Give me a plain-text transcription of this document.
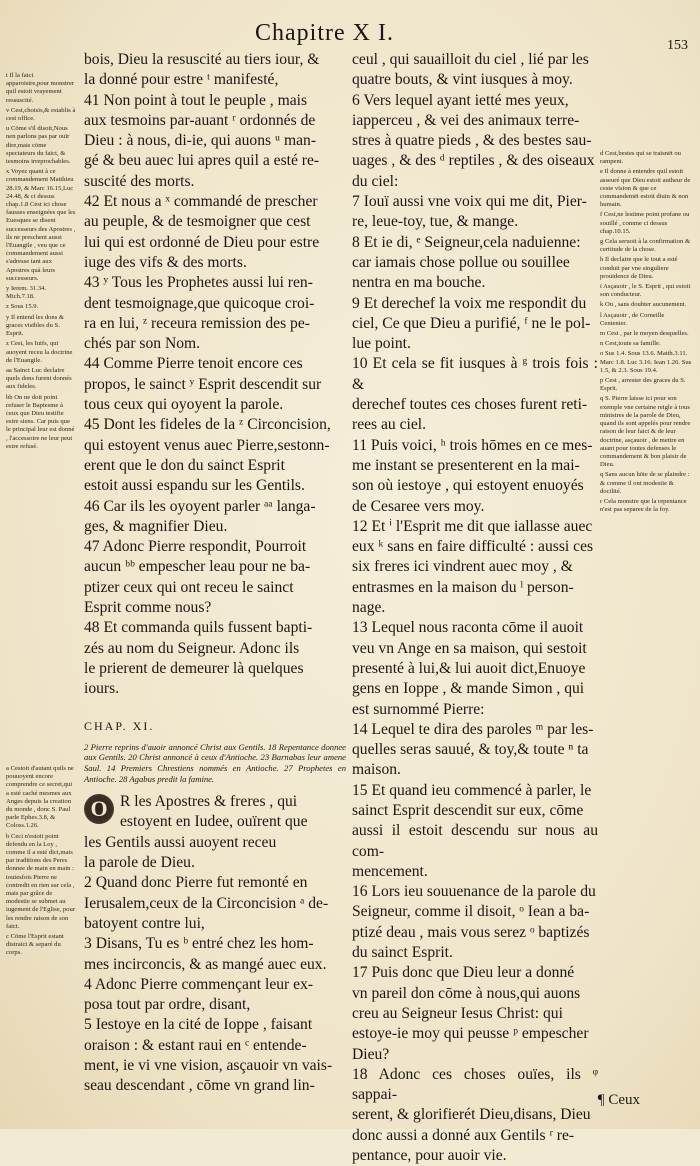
Chapitre X I.	153

t Il la faict apparoistre,pour monstrer quil estoit vrayement ressuscité.

v Cest,choisis,& establis à cest office.

u Cōme s'il disoit,Nous nen parlons pas par ouïr dire,mais cōme spectateurs du faict, & tesmoins irreprochables.

x Voyez quant à ce commandement Matthieu 28.19, & Marc 16.15,Luc 24.48, & ci dessus chap.1.8 Cest ici chose fausses enseignées que les Euesques se disent successeurs des Apostres , ils ne preschent aussi l'Euangile , veu que ce commandement aussi s'adresse tant aux Apostres quà leurs successeurs.

y Ierem. 31.34. Mich.7.18.

z Sous 15.9.

y Il entend les dons & graces visibles du S. Esprit.

z Cest, les Iuifs, qui auoyent receu la doctrine de l'Euangile.

aa Sainct Luc declaire quels dons furent donnés aux fideles.

bb On ne doit point refuser le Baptesme à ceux que Dieu testifie estre siens. Car puis que le principal leur est donné , l'accessoire ne leur peut estre refusé.

a Cestoit d'autant quils ne pouuoyent encore comprendre ce secret,qui a esté caché mesmes aux Anges depuis la creation du monde , donc S. Paul parle Ephes.3.8, & Coloss.1.26.

b Ceci n'estoit point defendu en la Loy , comme il a esté dict,mais par traditions des Peres donnee de main en main : toutesfois Pierre ne contredit en rien sur cela , mais par grâce de modestie se submet au iugement de l'Eglise, pour les rendre raison de son faict.

c Cōme l'Esprit estant distraict & separé du corps.

bois, Dieu la resuscité au tiers iour, &

la donné pour estre ᵗ manifesté,

41 Non point à tout le peuple , mais

aux tesmoins par-auant ʳ ordonnés de

Dieu : à nous, di-ie, qui auons ᵘ man-

gé & beu auec lui apres quil a esté re-

suscité des morts.

42 Et nous a ˣ commandé de prescher

au peuple, & de tesmoigner que cest

lui qui est ordonné de Dieu pour estre

iuge des vifs & des morts.

43 ʸ Tous les Prophetes aussi lui ren-

dent tesmoignage,que quicoque croi-

ra en lui, ᶻ receura remission des pe-

chés par son Nom.

44 Comme Pierre tenoit encore ces

propos, le sainct ʸ Esprit descendit sur

tous ceux qui oyoyent la parole.

45 Dont les fideles de la ᶻ Circoncision,

qui estoyent venus auec Pierre,sestonn-

erent que le don du sainct Esprit

estoit aussi espandu sur les Gentils.

46 Car ils les oyoyent parler ᵃᵃ langa-

ges, & magnifier Dieu.

47 Adonc Pierre respondit, Pourroit

aucun ᵇᵇ empescher leau pour ne ba-

ptizer ceux qui ont receu le sainct

Esprit comme nous?

48 Et commanda quils fussent bapti-

zés au nom du Seigneur. Adonc ils

le prierent de demeurer là quelques

iours.

CHAP. XI.

2 Pierre reprins d'auoir annoncé Christ aux Gentils. 18 Repentance donnee aux Gentils. 20 Christ annoncé à ceux d'Antioche. 23 Barnabas leur amene Saul. 14 Premiers Chrestiens nommés en Antioche. 27 Prophetes en Antioche. 28 Agabus predit la famine.

O R les Apostres & freres , qui

estoyent en Iudee, ouïrent que

les Gentils aussi auoyent receu

la parole de Dieu.

2 Quand donc Pierre fut remonté en

Ierusalem,ceux de la Circoncision ᵃ de-

batoyent contre lui,

3 Disans, Tu es ᵇ entré chez les hom-

mes incirconcis, & as mangé auec eux.

4 Adonc Pierre commençant leur ex-

posa tout par ordre, disant,

5 Iestoye en la cité de Ioppe , faisant

oraison : & estant raui en ᶜ entende-

ment, ie vi vne vision, asçauoir vn vais-

seau descendant , cōme vn grand lin-

ceul , qui sauailloit du ciel , lié par les

quatre bouts, & vint iusques à moy.

6 Vers lequel ayant ietté mes yeux,

iapperceu , & vei des animaux terre-

stres à quatre pieds , & des bestes sau-

uages , & des ᵈ reptiles , & des oiseaux

du ciel:

7 Iouï aussi vne voix qui me dit, Pier-

re, leue-toy, tue, & mange.

8 Et ie di, ᵉ Seigneur,cela naduienne:

car iamais chose pollue ou souillee

nentra en ma bouche.

9 Et derechef la voix me respondit du

ciel, Ce que Dieu a purifié, ᶠ ne le pol-

lue point.

10 Et cela se fit iusques à ᵍ trois fois : &

derechef toutes ces choses furent reti-

rees au ciel.

11 Puis voici, ʰ trois hōmes en ce mes-

me instant se presenterent en la mai-

son où iestoye , qui estoyent enuoyés

de Cesaree vers moy.

12 Et ⁱ l'Esprit me dit que iallasse auec

eux ᵏ sans en faire difficulté : aussi ces

six freres ici vindrent auec moy , &

entrasmes en la maison du ˡ person-

nage.

13 Lequel nous raconta cōme il auoit

veu vn Ange en sa maison, qui sestoit

presenté à lui,& lui auoit dict,Enuoye

gens en Ioppe , & mande Simon , qui

est surnommé Pierre:

14 Lequel te dira des paroles ᵐ par les-

quelles seras sauué, & toy,& toute ⁿ ta

maison.

15 Et quand ieu commencé à parler, le

sainct Esprit descendit sur eux, cōme

aussi il estoit descendu sur nous au com-

mencement.

16 Lors ieu souuenance de la parole du

Seigneur, comme il disoit, ᵒ Iean a ba-

ptizé deau , mais vous serez ᵒ baptizés

du sainct Esprit.

17 Puis donc que Dieu leur a donné

vn pareil don cōme à nous,qui auons

creu au Seigneur Iesus Christ: qui

estoye-ie moy qui peusse ᵖ empescher

Dieu?

18 Adonc ces choses ouïes, ils ᵠ sappai-

serent, & glorifierét Dieu,disans, Dieu

donc aussi a donné aux Gentils ʳ re-

pentance, pour auoir vie.

d Cest,bestes qui se traisnēt ou rampent.

e Il donne à entendre quil estoit asseuré que Dieu estoit autheur de ceste vision & que ce commandemēt estoit diuin & non humain.

f Cest,ne lestime point profane ou souillé , comme ci dessus chap.10.15.

g Cela seruoit à la confirmation & certitude de la chose.

h Il declaire que le tout a esté conduit par vne singuliere prouidence de Dieu.

i Asçauoir , le S. Esprit , qui estoit son conducteur.

k Ou , sans doubter aucunement.

l Asçauoir , de Corneille Centenier.

m Cest , par le moyen desquelles.

n Cest,toute sa famille.

o Sus 1.4. Sous 13.6. Matth.3.11. Marc 1.8. Luc 3.16. Iean 1.26. Sus 1.5, & 2.3. Sous 19.4.

p Cest , arrester des graces du S. Esprit.

q S. Pierre laisse ici pour son exemple vne certaine reigle à tous ministres de la parole de Dieu, quand ils sont appelés pour rendre raison de leur faict & de leur doctrine, asçauoir , de mettre en auant pour toutes defenses le commandement & bon plaisir de Dieu.

q Sans aucun hōte de se plaindre : & comme il ont modestie & docilité.

r Cela monstre que la repentance n'est pas separee de la foy.

¶ Ceux
